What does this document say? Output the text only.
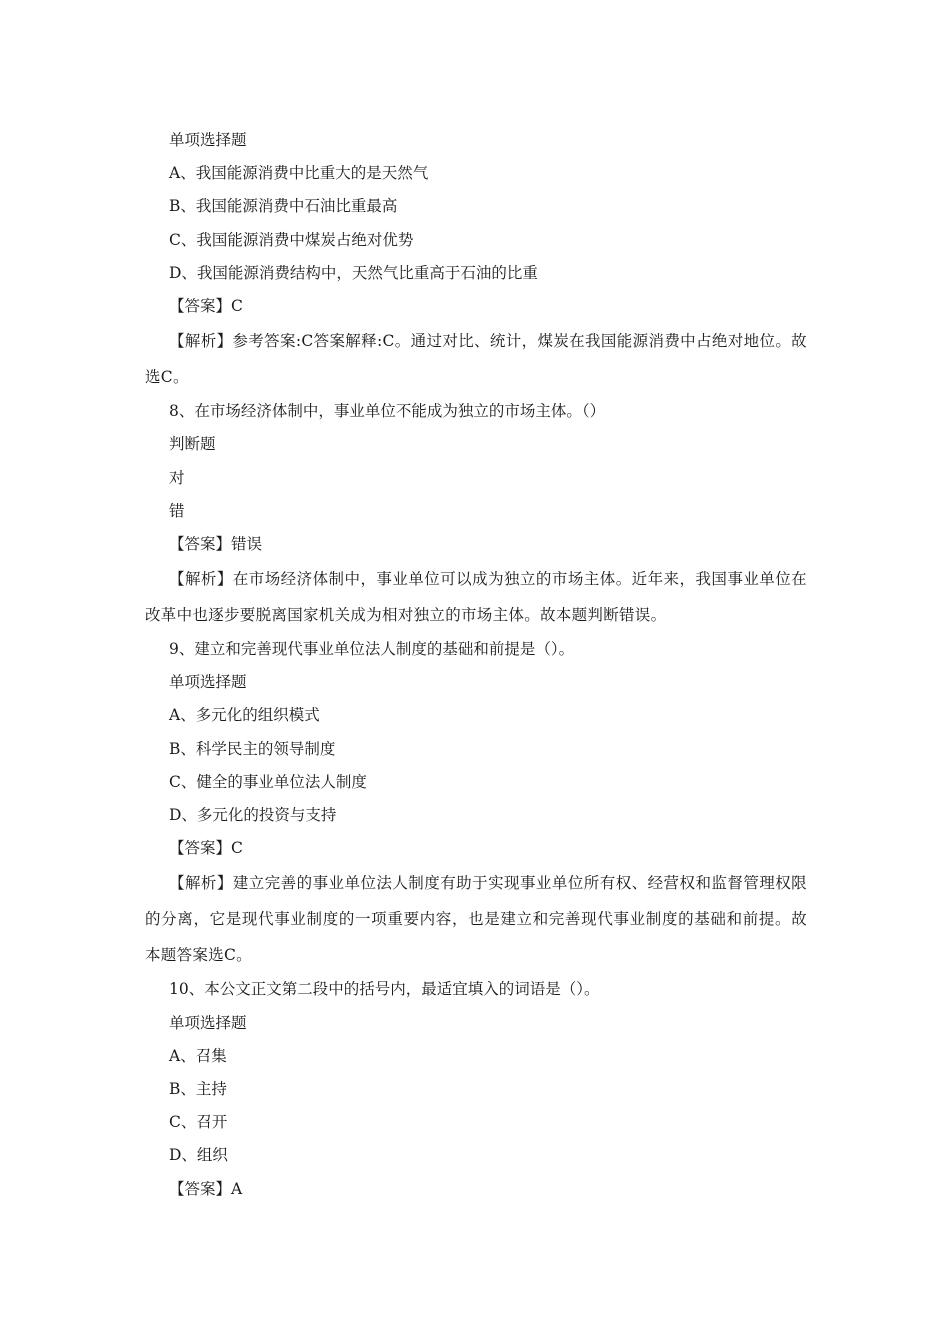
单项选择题
A、我国能源消费中比重大的是天然气
B、我国能源消费中石油比重最高
C、我国能源消费中煤炭占绝对优势
D、我国能源消费结构中，天然气比重高于石油的比重
【答案】C

【解析】参考答案:C答案解释:C。通过对比、统计，煤炭在我国能源消费中占绝对地位。故选C。

8、在市场经济体制中，事业单位不能成为独立的市场主体。（）
判断题
对
错
【答案】错误

【解析】在市场经济体制中，事业单位可以成为独立的市场主体。近年来，我国事业单位在改革中也逐步要脱离国家机关成为相对独立的市场主体。故本题判断错误。

9、建立和完善现代事业单位法人制度的基础和前提是（）。
单项选择题
A、多元化的组织模式
B、科学民主的领导制度
C、健全的事业单位法人制度
D、多元化的投资与支持
【答案】C

【解析】建立完善的事业单位法人制度有助于实现事业单位所有权、经营权和监督管理权限的分离，它是现代事业制度的一项重要内容，也是建立和完善现代事业制度的基础和前提。故本题答案选C。

10、本公文正文第二段中的括号内，最适宜填入的词语是（）。
单项选择题
A、召集
B、主持
C、召开
D、组织
【答案】A
